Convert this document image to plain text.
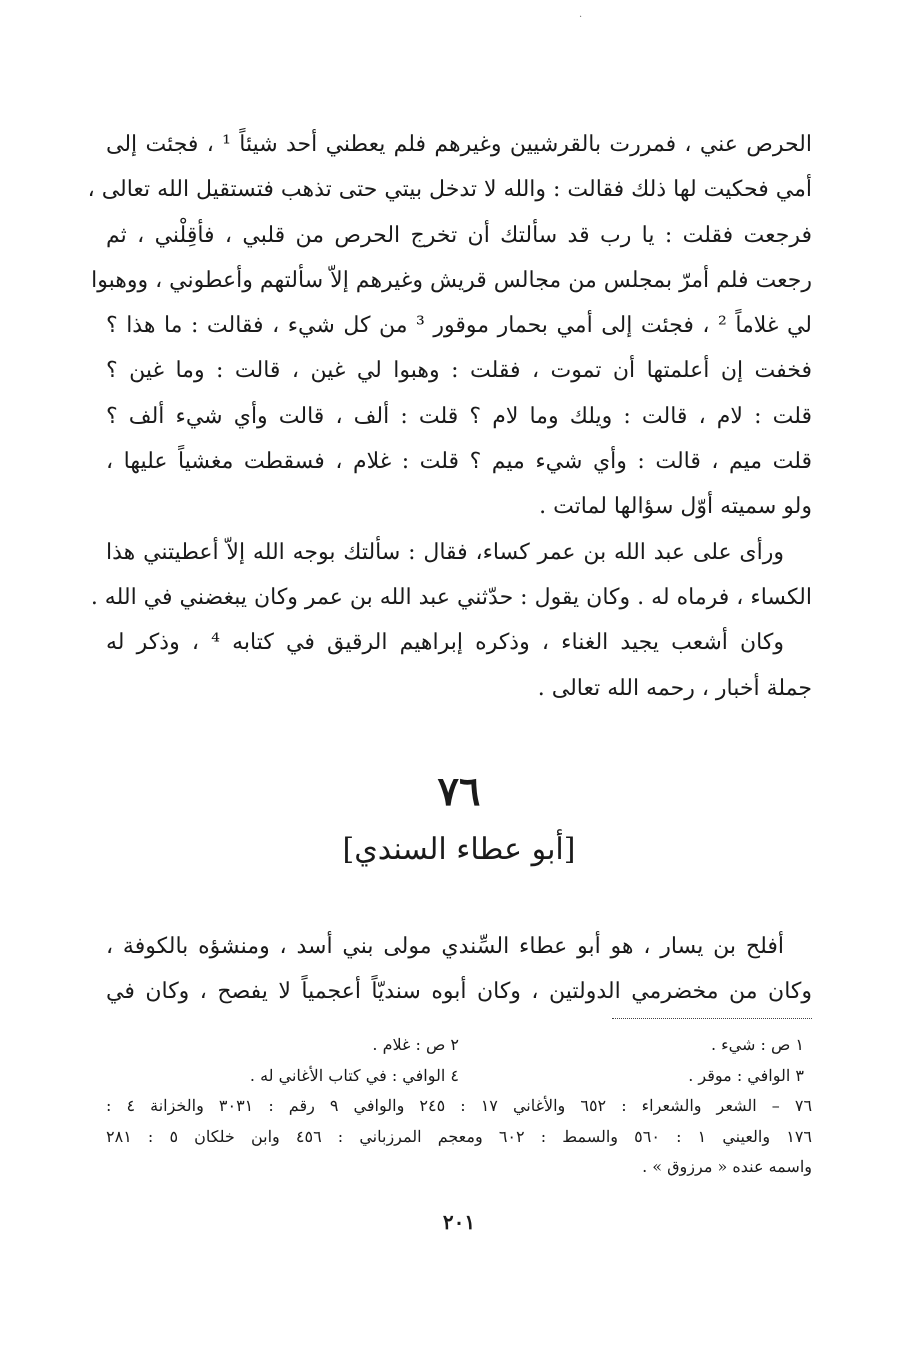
·

الحرص عني ، فمررت بالقرشيين وغيرهم فلم يعطني أحد شيئاً ¹ ، فجئت إلى
أمي فحكيت لها ذلك فقالت : والله لا تدخل بيتي حتى تذهب فتستقيل الله تعالى ،
فرجعت فقلت : يا رب قد سألتك أن تخرج الحرص من قلبي ، فأقِلْني ، ثم
رجعت فلم أمرّ بمجلس من مجالس قريش وغيرهم إلاّ سألتهم وأعطوني ، ووهبوا
لي غلاماً ² ، فجئت إلى أمي بحمار موقور ³ من كل شيء ، فقالت : ما هذا ؟
فخفت إن أعلمتها أن تموت ، فقلت : وهبوا لي غين ، قالت : وما غين ؟
قلت : لام ، قالت : ويلك وما لام ؟ قلت : ألف ، قالت وأي شيء ألف ؟
قلت ميم ، قالت : وأي شيء ميم ؟ قلت : غلام ، فسقطت مغشياً عليها ،
ولو سميته أوّل سؤالها لماتت .

ورأى على عبد الله بن عمر كساء، فقال : سألتك بوجه الله إلاّ أعطيتني هذا
الكساء ، فرماه له . وكان يقول : حدّثني عبد الله بن عمر وكان يبغضني في الله .

وكان أشعب يجيد الغناء ، وذكره إبراهيم الرقيق في كتابه ⁴ ، وذكر له
جملة أخبار ، رحمه الله تعالى .

٧٦
[أبو عطاء السندي]
أفلح بن يسار ، هو أبو عطاء السِّندي مولى بني أسد ، ومنشؤه بالكوفة ،
وكان من مخضرمي الدولتين ، وكان أبوه سنديّاً أعجمياً لا يفصح ، وكان في
١ ص : شيء .
٢ ص : غلام .
٣ الوافي : موقر .
٤ الوافي : في كتاب الأغاني له .
٧٦ – الشعر والشعراء : ٦٥٢ والأغاني ١٧ : ٢٤٥ والوافي ٩ رقم : ٣٠٣١ والخزانة ٤ :
١٧٦ والعيني ١ : ٥٦٠ والسمط : ٦٠٢ ومعجم المرزباني : ٤٥٦ وابن خلكان ٥ : ٢٨١
واسمه عنده « مرزوق » .
٢٠١
